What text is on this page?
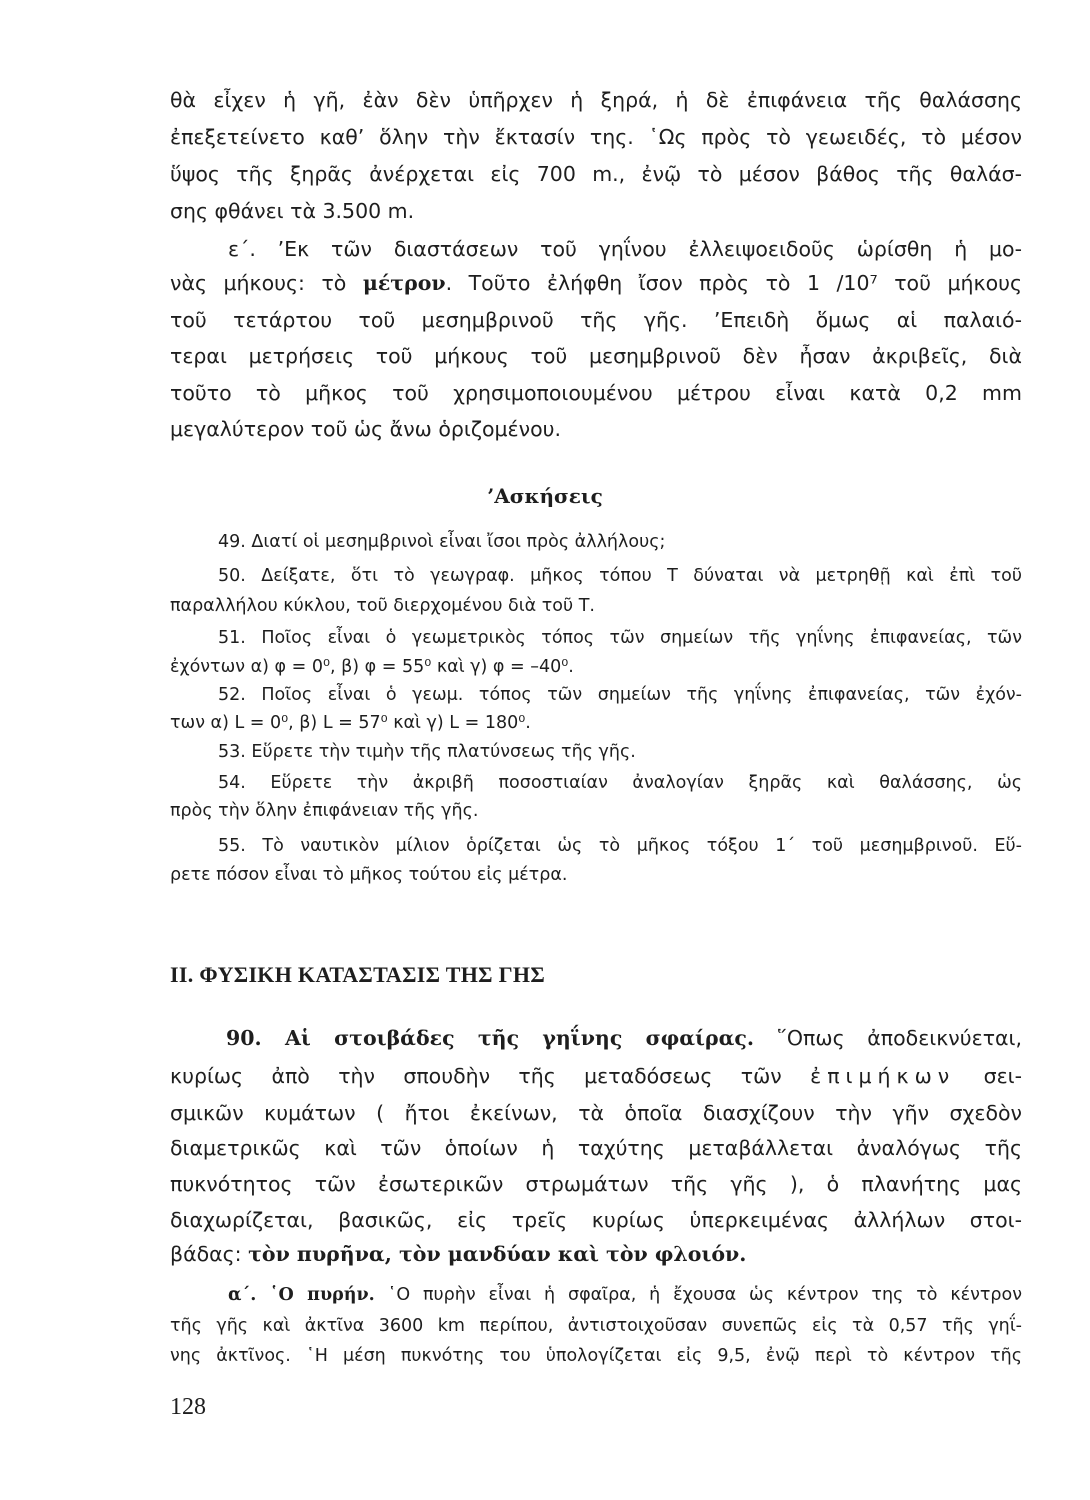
θὰ εἶχεν ἡ γῆ, ἐὰν δὲν ὑπῆρχεν ἡ ξηρά, ἡ δὲ ἐπιφάνεια τῆς θαλάσσης
ἐπεξετείνετο καθ’ ὅλην τὴν ἔκτασίν της. ῾Ως πρὸς τὸ γεωειδές, τὸ μέσον
ὕψος τῆς ξηρᾶς ἀνέρχεται εἰς 700 m., ἐνῷ τὸ μέσον βάθος τῆς θαλάσ-
σης φθάνει τὰ 3.500 m.
ε΄. ’Εκ τῶν διαστάσεων τοῦ γηΐνου ἐλλειψοειδοῦς ὡρίσθη ἡ μο-
νὰς μήκους: τὸ μέτρον. Τοῦτο ἐλήφθη ἴσον πρὸς τὸ 1 /10⁷ τοῦ μήκους
τοῦ τετάρτου τοῦ μεσημβρινοῦ τῆς γῆς. ’Επειδὴ ὅμως αἱ παλαιό-
τεραι μετρήσεις τοῦ μήκους τοῦ μεσημβρινοῦ δὲν ἦσαν ἀκριβεῖς, διὰ
τοῦτο τὸ μῆκος τοῦ χρησιμοποιουμένου μέτρου εἶναι κατὰ 0,2 mm
μεγαλύτερον τοῦ ὡς ἄνω ὁριζομένου.
’Ασκήσεις
49. Διατί οἱ μεσημβρινοὶ εἶναι ἴσοι πρὸς ἀλλήλους;
50. Δείξατε, ὅτι τὸ γεωγραφ. μῆκος τόπου Τ δύναται νὰ μετρηθῇ καὶ ἐπὶ τοῦ
παραλλήλου κύκλου, τοῦ διερχομένου διὰ τοῦ Τ.
51. Ποῖος εἶναι ὁ γεωμετρικὸς τόπος τῶν σημείων τῆς γηΐνης ἐπιφανείας, τῶν
ἐχόντων α) φ = 0⁰, β) φ = 55⁰ καὶ γ) φ = –40⁰.
52. Ποῖος εἶναι ὁ γεωμ. τόπος τῶν σημείων τῆς γηΐνης ἐπιφανείας, τῶν ἐχόν-
των α) L = 0⁰, β) L = 57⁰ καὶ γ) L = 180⁰.
53. Εὕρετε τὴν τιμὴν τῆς πλατύνσεως τῆς γῆς.
54. Εὕρετε τὴν ἀκριβῆ ποσοστιαίαν ἀναλογίαν ξηρᾶς καὶ θαλάσσης, ὡς
πρὸς τὴν ὅλην ἐπιφάνειαν τῆς γῆς.
55. Τὸ ναυτικὸν μίλιον ὁρίζεται ὡς τὸ μῆκος τόξου 1΄ τοῦ μεσημβρινοῦ. Εὕ-
ρετε πόσον εἶναι τὸ μῆκος τούτου εἰς μέτρα.
II. ΦΥΣΙΚΗ ΚΑΤΑΣΤΑΣΙΣ ΤΗΣ ΓΗΣ
90. Αἱ στοιβάδες τῆς γηΐνης σφαίρας. ῞Οπως ἀποδεικνύεται,
κυρίως ἀπὸ τὴν σπουδὴν τῆς μεταδόσεως τῶν ἐπιμήκων σει-
σμικῶν κυμάτων ( ἤτοι ἐκείνων, τὰ ὁποῖα διασχίζουν τὴν γῆν σχεδὸν
διαμετρικῶς καὶ τῶν ὁποίων ἡ ταχύτης μεταβάλλεται ἀναλόγως τῆς
πυκνότητος τῶν ἐσωτερικῶν στρωμάτων τῆς γῆς ), ὁ πλανήτης μας
διαχωρίζεται, βασικῶς, εἰς τρεῖς κυρίως ὑπερκειμένας ἀλλήλων στοι-
βάδας: τὸν πυρῆνα, τὸν μανδύαν καὶ τὸν φλοιόν.
α΄. ῾Ο πυρήν. ῾Ο πυρὴν εἶναι ἡ σφαῖρα, ἡ ἔχουσα ὡς κέντρον της τὸ κέντρον
τῆς γῆς καὶ ἀκτῖνα 3600 km περίπου, ἀντιστοιχοῦσαν συνεπῶς εἰς τὰ 0,57 τῆς γηΐ-
νης ἀκτῖνος. ῾Η μέση πυκνότης του ὑπολογίζεται εἰς 9,5, ἐνῷ περὶ τὸ κέντρον τῆς
128
